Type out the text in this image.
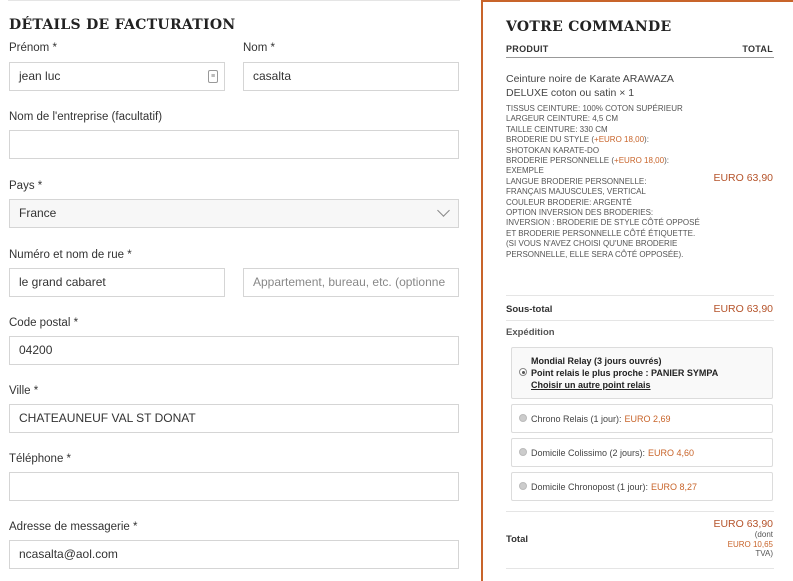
DÉTAILS DE FACTURATION
Prénom *
jean luc	≡
Nom *
casalta
Nom de l'entreprise (facultatif)
Pays *
France
Numéro et nom de rue *
le grand cabaret	Appartement, bureau, etc. (optionne
Code postal *
04200
Ville *
CHATEAUNEUF VAL ST DONAT
Téléphone *
Adresse de messagerie *
ncasalta@aol.com
VOTRE COMMANDE
PRODUIT	TOTAL
Ceinture noire de Karate ARAWAZA DELUXE coton ou satin × 1
TISSUS CEINTURE: 100% COTON SUPÉRIEUR
LARGEUR CEINTURE: 4,5 CM
TAILLE CEINTURE: 330 CM
BRODERIE DU STYLE (+EURO 18,00):
SHOTOKAN KARATE-DO
BRODERIE PERSONNELLE (+EURO 18,00):
EXEMPLE
LANGUE BRODERIE PERSONNELLE:
FRANÇAIS MAJUSCULES, VERTICAL
COULEUR BRODERIE: ARGENTÉ
OPTION INVERSION DES BRODERIES:
INVERSION : BRODERIE DE STYLE CÔTÉ OPPOSÉ ET BRODERIE PERSONNELLE CÔTÉ ÉTIQUETTE. (SI VOUS N'AVEZ CHOISI QU'UNE BRODERIE PERSONNELLE, ELLE SERA CÔTÉ OPPOSÉE).
EURO 63,90
Sous-total	EURO 63,90
Expédition
Mondial Relay (3 jours ouvrés)
Point relais le plus proche : PANIER SYMPA
Choisir un autre point relais
Chrono Relais (1 jour): EURO 2,69
Domicile Colissimo (2 jours): EURO 4,60
Domicile Chronopost (1 jour): EURO 8,27
Total
EURO 63,90
(dont
EURO 10,65
TVA)
